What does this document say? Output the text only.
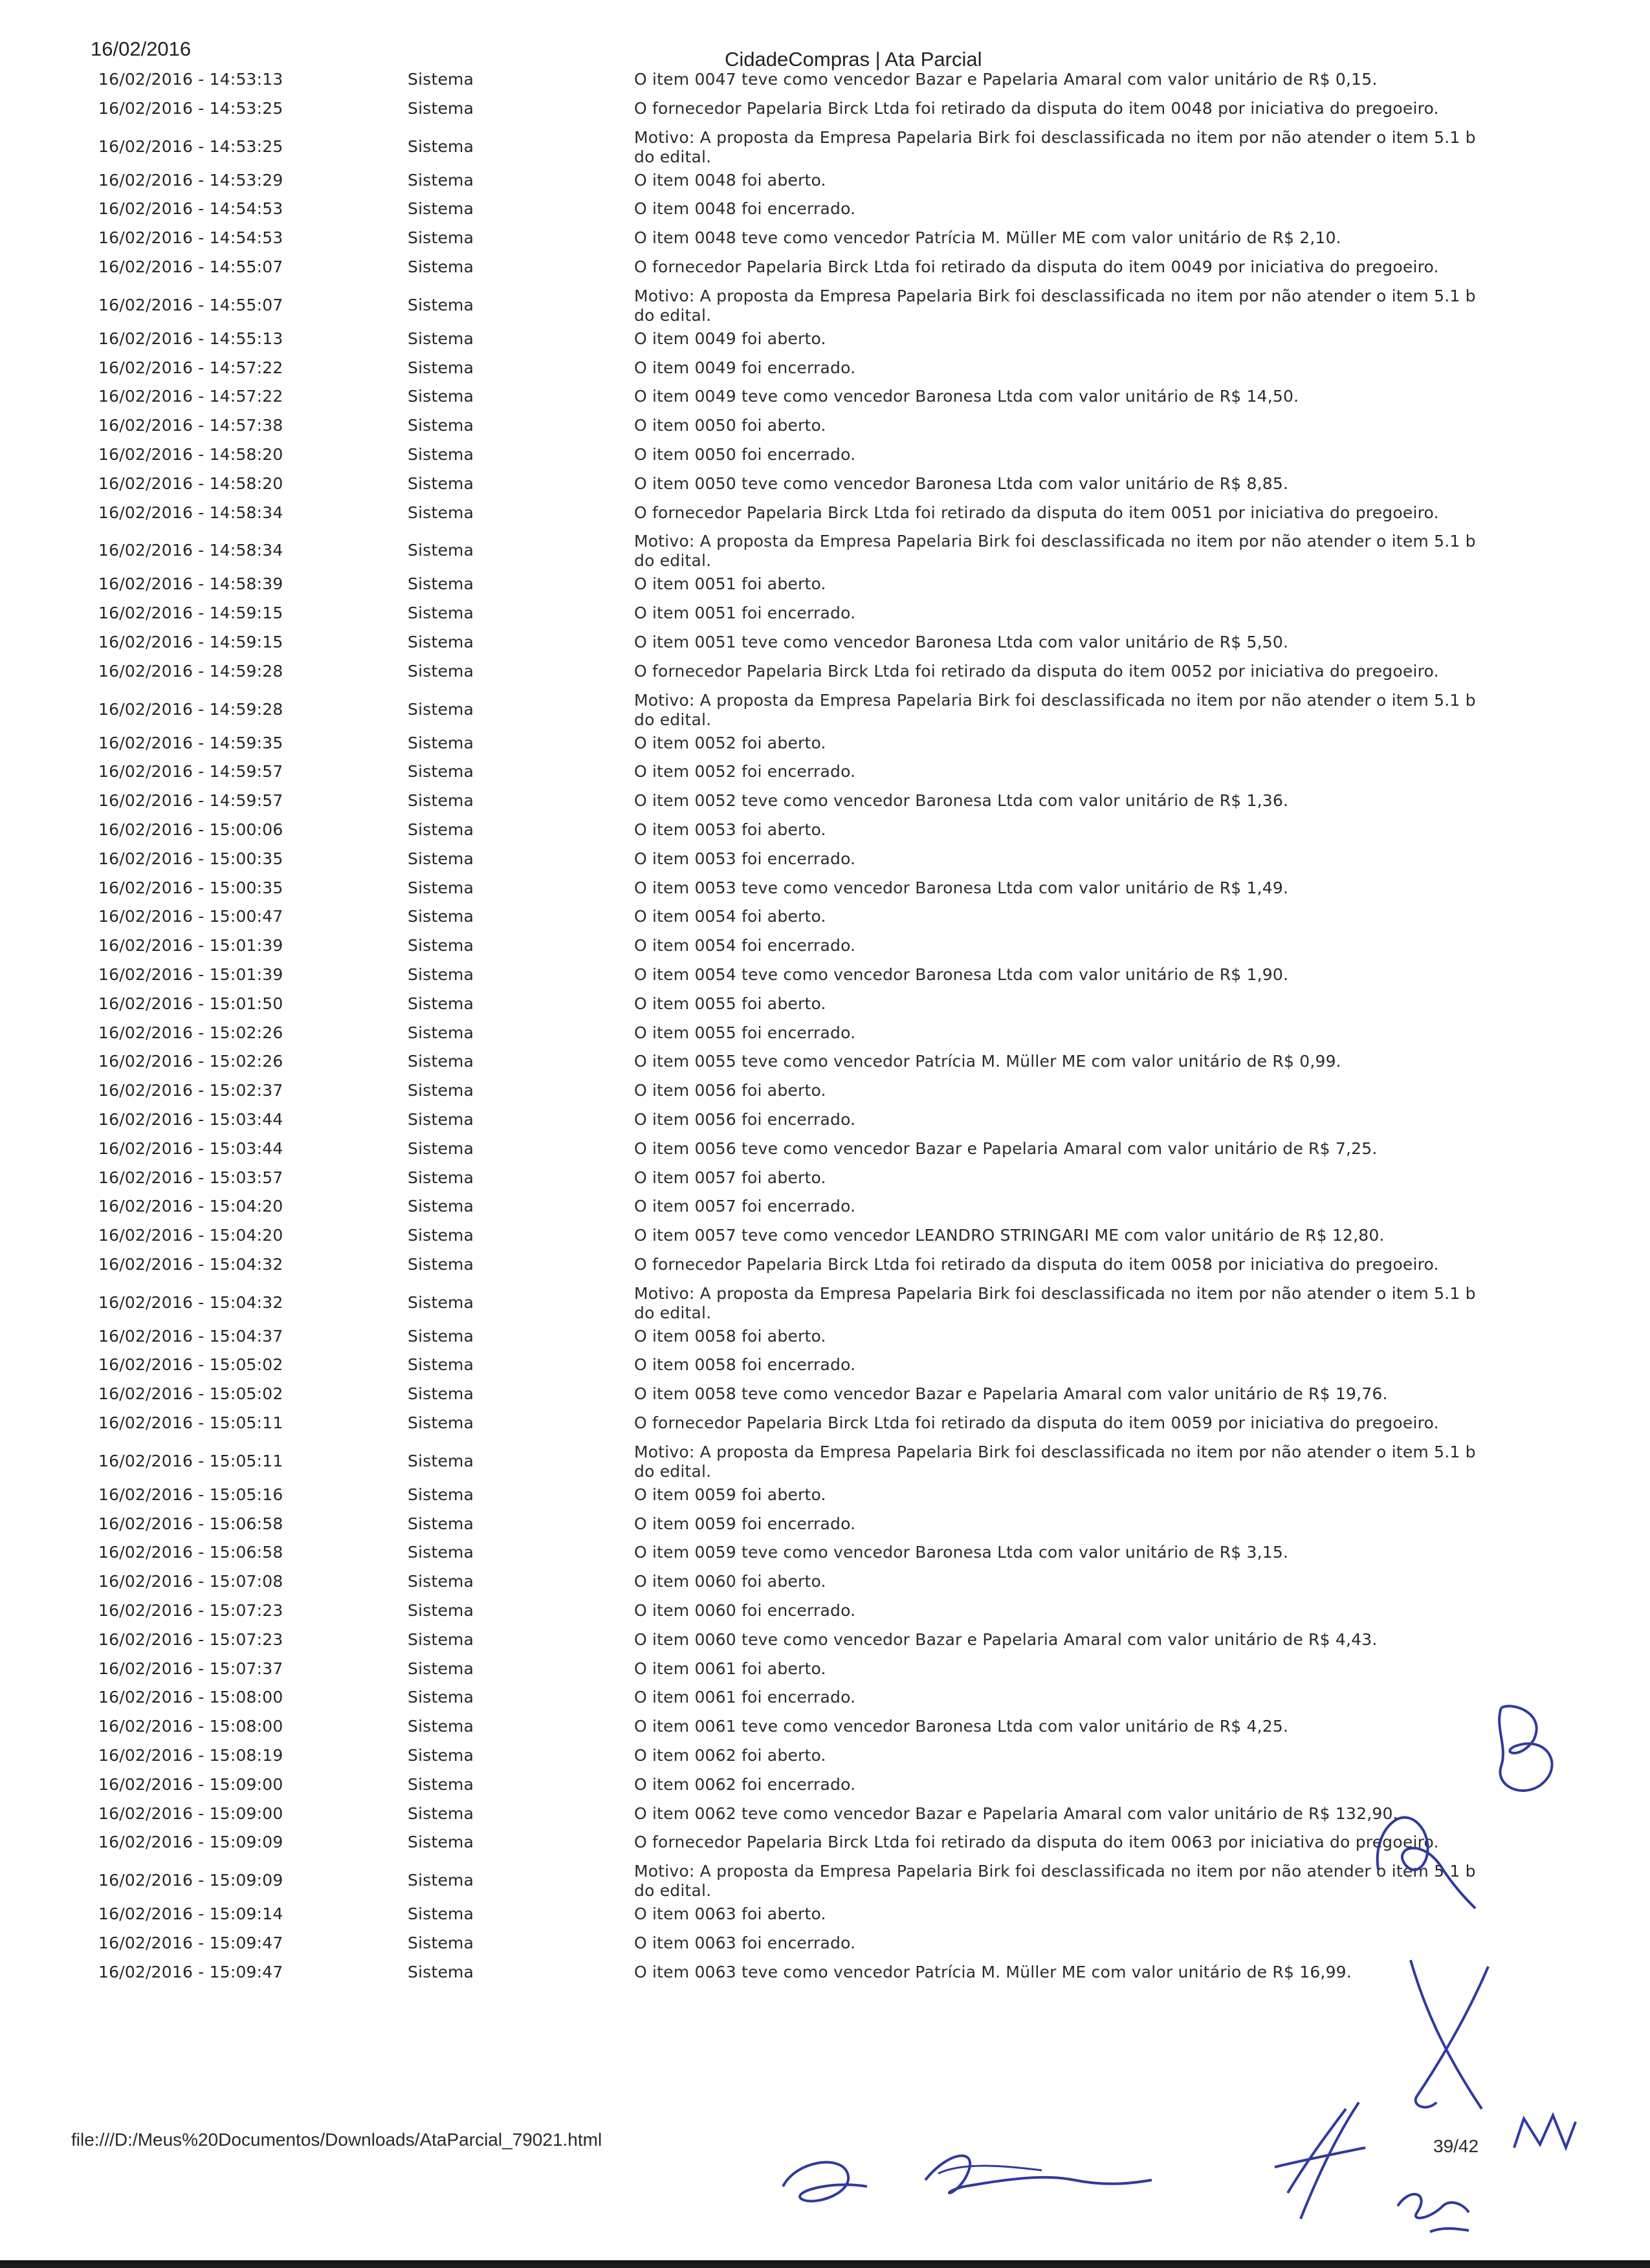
16/02/2016	CidadeCompras | Ata Parcial
16/02/2016 - 14:53:13	Sistema	O item 0047 teve como vencedor Bazar e Papelaria Amaral com valor unitário de R$ 0,15.
16/02/2016 - 14:53:25	Sistema	O fornecedor Papelaria Birck Ltda foi retirado da disputa do item 0048 por iniciativa do pregoeiro.
16/02/2016 - 14:53:25	Sistema	Motivo: A proposta da Empresa Papelaria Birk foi desclassificada no item por não atender o item 5.1 b do edital.
16/02/2016 - 14:53:29	Sistema	O item 0048 foi aberto.
16/02/2016 - 14:54:53	Sistema	O item 0048 foi encerrado.
16/02/2016 - 14:54:53	Sistema	O item 0048 teve como vencedor Patrícia M. Müller ME com valor unitário de R$ 2,10.
16/02/2016 - 14:55:07	Sistema	O fornecedor Papelaria Birck Ltda foi retirado da disputa do item 0049 por iniciativa do pregoeiro.
16/02/2016 - 14:55:07	Sistema	Motivo: A proposta da Empresa Papelaria Birk foi desclassificada no item por não atender o item 5.1 b do edital.
16/02/2016 - 14:55:13	Sistema	O item 0049 foi aberto.
16/02/2016 - 14:57:22	Sistema	O item 0049 foi encerrado.
16/02/2016 - 14:57:22	Sistema	O item 0049 teve como vencedor Baronesa Ltda com valor unitário de R$ 14,50.
16/02/2016 - 14:57:38	Sistema	O item 0050 foi aberto.
16/02/2016 - 14:58:20	Sistema	O item 0050 foi encerrado.
16/02/2016 - 14:58:20	Sistema	O item 0050 teve como vencedor Baronesa Ltda com valor unitário de R$ 8,85.
16/02/2016 - 14:58:34	Sistema	O fornecedor Papelaria Birck Ltda foi retirado da disputa do item 0051 por iniciativa do pregoeiro.
16/02/2016 - 14:58:34	Sistema	Motivo: A proposta da Empresa Papelaria Birk foi desclassificada no item por não atender o item 5.1 b do edital.
16/02/2016 - 14:58:39	Sistema	O item 0051 foi aberto.
16/02/2016 - 14:59:15	Sistema	O item 0051 foi encerrado.
16/02/2016 - 14:59:15	Sistema	O item 0051 teve como vencedor Baronesa Ltda com valor unitário de R$ 5,50.
16/02/2016 - 14:59:28	Sistema	O fornecedor Papelaria Birck Ltda foi retirado da disputa do item 0052 por iniciativa do pregoeiro.
16/02/2016 - 14:59:28	Sistema	Motivo: A proposta da Empresa Papelaria Birk foi desclassificada no item por não atender o item 5.1 b do edital.
16/02/2016 - 14:59:35	Sistema	O item 0052 foi aberto.
16/02/2016 - 14:59:57	Sistema	O item 0052 foi encerrado.
16/02/2016 - 14:59:57	Sistema	O item 0052 teve como vencedor Baronesa Ltda com valor unitário de R$ 1,36.
16/02/2016 - 15:00:06	Sistema	O item 0053 foi aberto.
16/02/2016 - 15:00:35	Sistema	O item 0053 foi encerrado.
16/02/2016 - 15:00:35	Sistema	O item 0053 teve como vencedor Baronesa Ltda com valor unitário de R$ 1,49.
16/02/2016 - 15:00:47	Sistema	O item 0054 foi aberto.
16/02/2016 - 15:01:39	Sistema	O item 0054 foi encerrado.
16/02/2016 - 15:01:39	Sistema	O item 0054 teve como vencedor Baronesa Ltda com valor unitário de R$ 1,90.
16/02/2016 - 15:01:50	Sistema	O item 0055 foi aberto.
16/02/2016 - 15:02:26	Sistema	O item 0055 foi encerrado.
16/02/2016 - 15:02:26	Sistema	O item 0055 teve como vencedor Patrícia M. Müller ME com valor unitário de R$ 0,99.
16/02/2016 - 15:02:37	Sistema	O item 0056 foi aberto.
16/02/2016 - 15:03:44	Sistema	O item 0056 foi encerrado.
16/02/2016 - 15:03:44	Sistema	O item 0056 teve como vencedor Bazar e Papelaria Amaral com valor unitário de R$ 7,25.
16/02/2016 - 15:03:57	Sistema	O item 0057 foi aberto.
16/02/2016 - 15:04:20	Sistema	O item 0057 foi encerrado.
16/02/2016 - 15:04:20	Sistema	O item 0057 teve como vencedor LEANDRO STRINGARI ME com valor unitário de R$ 12,80.
16/02/2016 - 15:04:32	Sistema	O fornecedor Papelaria Birck Ltda foi retirado da disputa do item 0058 por iniciativa do pregoeiro.
16/02/2016 - 15:04:32	Sistema	Motivo: A proposta da Empresa Papelaria Birk foi desclassificada no item por não atender o item 5.1 b do edital.
16/02/2016 - 15:04:37	Sistema	O item 0058 foi aberto.
16/02/2016 - 15:05:02	Sistema	O item 0058 foi encerrado.
16/02/2016 - 15:05:02	Sistema	O item 0058 teve como vencedor Bazar e Papelaria Amaral com valor unitário de R$ 19,76.
16/02/2016 - 15:05:11	Sistema	O fornecedor Papelaria Birck Ltda foi retirado da disputa do item 0059 por iniciativa do pregoeiro.
16/02/2016 - 15:05:11	Sistema	Motivo: A proposta da Empresa Papelaria Birk foi desclassificada no item por não atender o item 5.1 b do edital.
16/02/2016 - 15:05:16	Sistema	O item 0059 foi aberto.
16/02/2016 - 15:06:58	Sistema	O item 0059 foi encerrado.
16/02/2016 - 15:06:58	Sistema	O item 0059 teve como vencedor Baronesa Ltda com valor unitário de R$ 3,15.
16/02/2016 - 15:07:08	Sistema	O item 0060 foi aberto.
16/02/2016 - 15:07:23	Sistema	O item 0060 foi encerrado.
16/02/2016 - 15:07:23	Sistema	O item 0060 teve como vencedor Bazar e Papelaria Amaral com valor unitário de R$ 4,43.
16/02/2016 - 15:07:37	Sistema	O item 0061 foi aberto.
16/02/2016 - 15:08:00	Sistema	O item 0061 foi encerrado.
16/02/2016 - 15:08:00	Sistema	O item 0061 teve como vencedor Baronesa Ltda com valor unitário de R$ 4,25.
16/02/2016 - 15:08:19	Sistema	O item 0062 foi aberto.
16/02/2016 - 15:09:00	Sistema	O item 0062 foi encerrado.
16/02/2016 - 15:09:00	Sistema	O item 0062 teve como vencedor Bazar e Papelaria Amaral com valor unitário de R$ 132,90.
16/02/2016 - 15:09:09	Sistema	O fornecedor Papelaria Birck Ltda foi retirado da disputa do item 0063 por iniciativa do pregoeiro.
16/02/2016 - 15:09:09	Sistema	Motivo: A proposta da Empresa Papelaria Birk foi desclassificada no item por não atender o item 5.1 b do edital.
16/02/2016 - 15:09:14	Sistema	O item 0063 foi aberto.
16/02/2016 - 15:09:47	Sistema	O item 0063 foi encerrado.
16/02/2016 - 15:09:47	Sistema	O item 0063 teve como vencedor Patrícia M. Müller ME com valor unitário de R$ 16,99.
file:///D:/Meus%20Documentos/Downloads/AtaParcial_79021.html	39/42
